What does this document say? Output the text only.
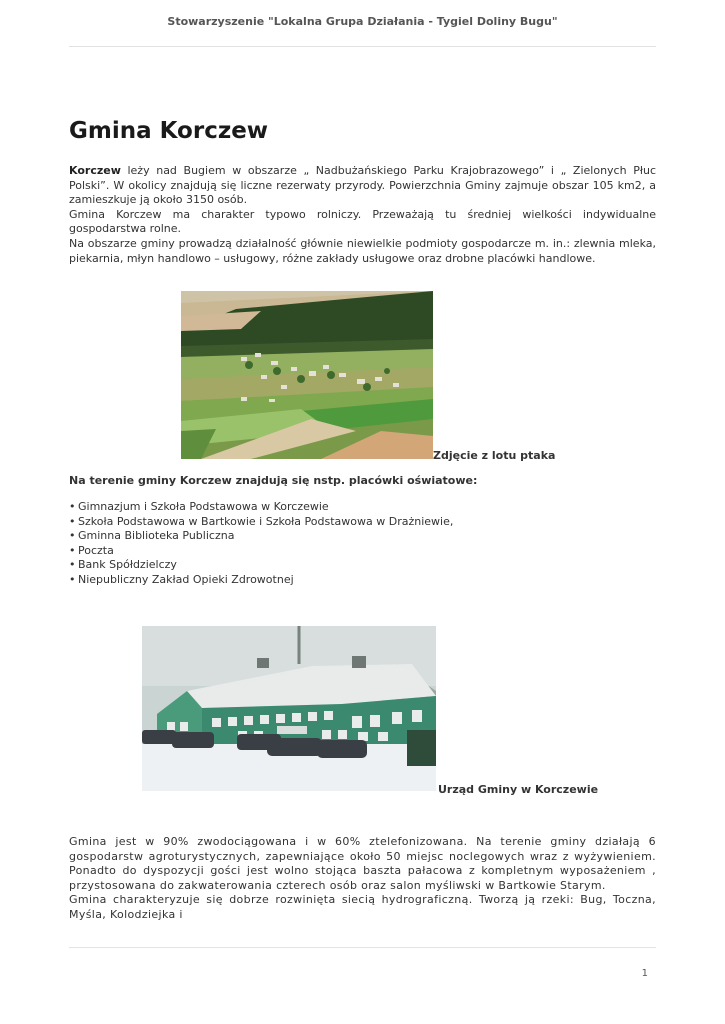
Stowarzyszenie "Lokalna Grupa Działania - Tygiel Doliny Bugu"
Gmina Korczew

Korczew leży nad Bugiem w obszarze „ Nadbużańskiego Parku Krajobrazowego” i „ Zielonych Płuc Polski”. W okolicy znajdują się liczne rezerwaty przyrody. Powierzchnia Gminy zajmuje obszar 105 km2, a zamieszkuje ją około 3150 osób.
Gmina Korczew ma charakter typowo rolniczy. Przeważają tu średniej wielkości indywidualne gospodarstwa rolne.
Na obszarze gminy prowadzą działalność głównie niewielkie podmioty gospodarcze m. in.: zlewnia mleka, piekarnia, młyn handlowo – usługowy, różne zakłady usługowe oraz drobne placówki handlowe.

Zdjęcie z lotu ptaka
Na terenie gminy Korczew znajdują się nstp. placówki oświatowe:
• Gimnazjum i Szkoła Podstawowa w Korczewie
• Szkoła Podstawowa w Bartkowie i Szkoła Podstawowa w Drażniewie,
• Gminna Biblioteka Publiczna
• Poczta
• Bank Spółdzielczy
• Niepubliczny Zakład Opieki Zdrowotnej
Urząd Gminy w Korczewie

Gmina jest w 90% zwodociągowana i w 60% ztelefonizowana. Na terenie gminy działają 6 gospodarstw agroturystycznych, zapewniające około 50 miejsc noclegowych wraz z wyżywieniem. Ponadto do dyspozycji gości jest wolno stojąca baszta pałacowa z kompletnym wyposażeniem , przystosowana do zakwaterowania czterech osób oraz salon myśliwski w Bartkowie Starym.
Gmina charakteryzuje się dobrze rozwinięta siecią hydrograficzną. Tworzą ją rzeki: Bug, Toczna, Myśla, Kolodziejka i

1
